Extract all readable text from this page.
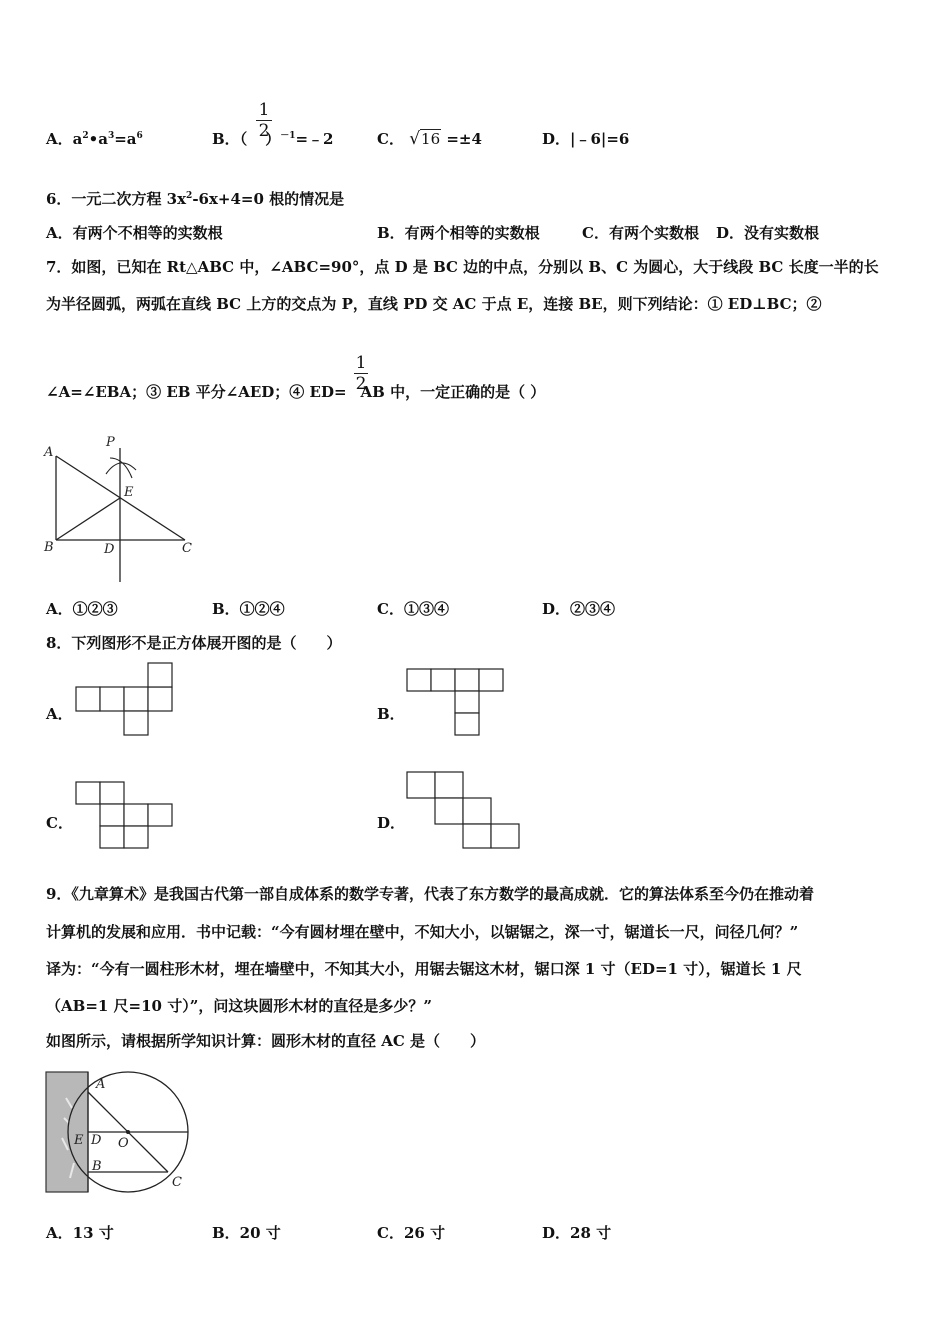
A．$a^2•a^3=a^6$	B．（ ）$^{-1}$=﹣2
1
2	C． √16 =±4	D．|﹣6|=6
6．一元二次方程 $3x^2-6x+4=0$ 根的情况是
A．有两个不相等的实数根	B．有两个相等的实数根	C．有两个实数根 D．没有实数根
7．如图，已知在 Rt△ABC 中，∠ABC=90°，点 D 是 BC 边的中点，分别以 B、C 为圆心，大于线段 BC 长度一半的长
为半径圆弧，两弧在直线 BC 上方的交点为 P，直线 PD 交 AC 于点 E，连接 BE，则下列结论：① ED⊥BC；②
∠A=∠EBA；③ EB 平分∠AED；④ ED= AB 中，一定正确的是（ ）
1
2
A
P
E
B	D	C
A．①②③	B．①②④	C．①③④	D．②③④
8．下列图形不是正方体展开图的是（　　）
A．	B．
C．	D．
9．《九章算术》是我国古代第一部自成体系的数学专著，代表了东方数学的最高成就．它的算法体系至今仍在推动着
计算机的发展和应用．书中记载：“今有圆材埋在壁中，不知大小，以锯锯之，深一寸，锯道长一尺，问径几何？”
译为：“今有一圆柱形木材，埋在墙壁中，不知其大小，用锯去锯这木材，锯口深 1 寸（ED=1 寸），锯道长 1 尺
（AB=1 尺=10 寸）”，问这块圆形木材的直径是多少？”
如图所示，请根据所学知识计算：圆形木材的直径 AC 是（　　）
A
E D O
B
C
A．13 寸	B．20 寸	C．26 寸	D．28 寸
